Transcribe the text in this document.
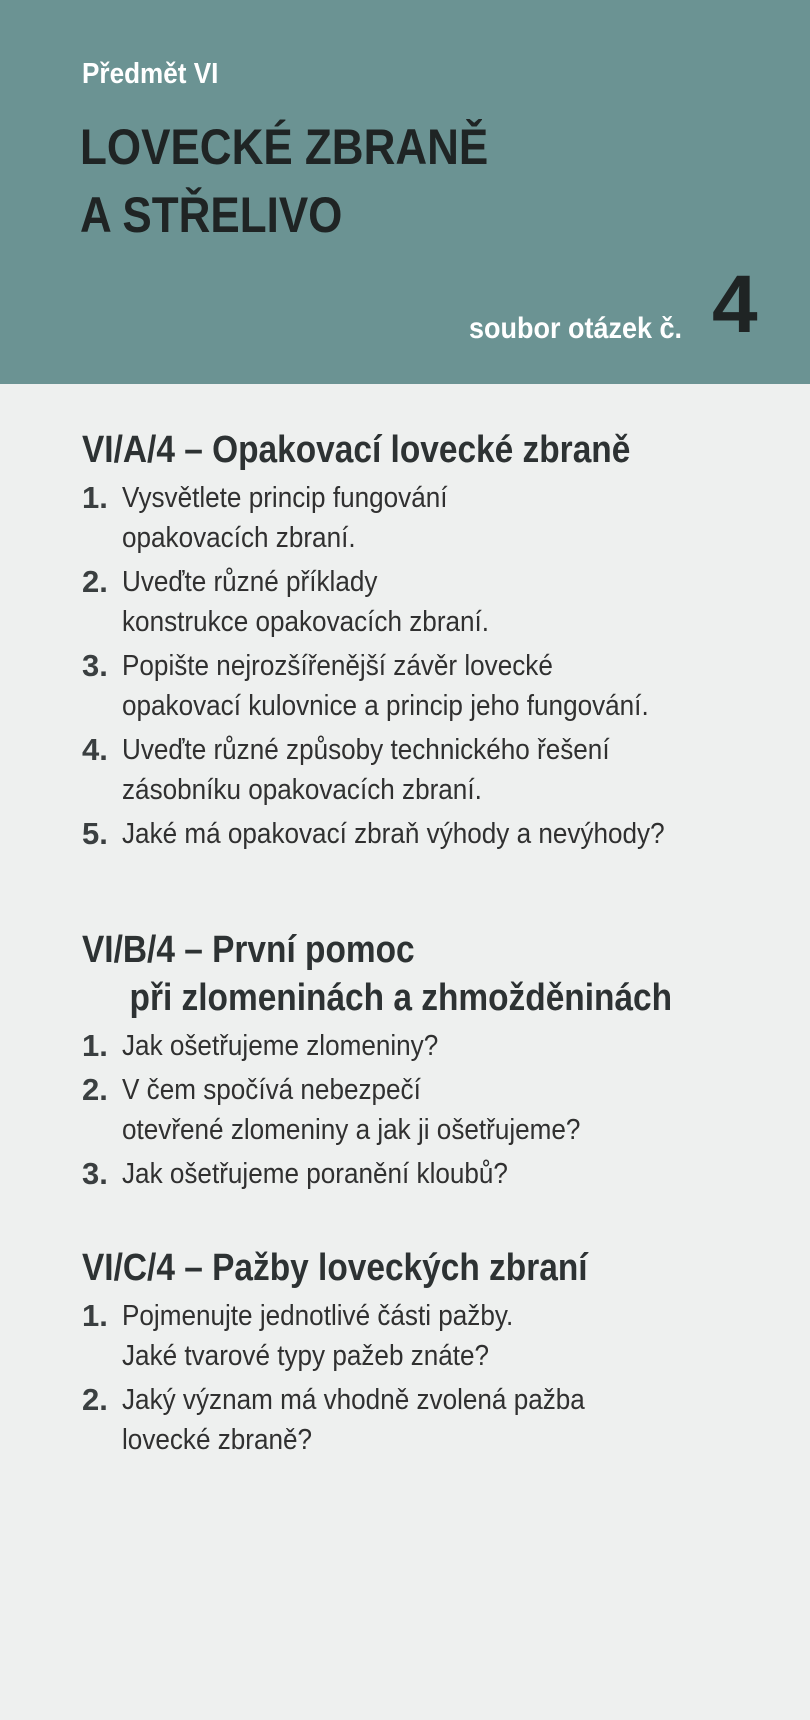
Předmět VI
LOVECKÉ ZBRANĚ
A STŘELIVO
soubor otázek č. 4
VI/A/4 – Opakovací lovecké zbraně
1. Vysvětlete princip fungování
opakovacích zbraní.
2. Uveďte různé příklady
konstrukce opakovacích zbraní.
3. Popište nejrozšířenější závěr lovecké
opakovací kulovnice a princip jeho fungování.
4. Uveďte různé způsoby technického řešení
zásobníku opakovacích zbraní.
5. Jaké má opakovací zbraň výhody a nevýhody?
VI/B/4 – První pomoc
při zlomeninách a zhmožděninách
1. Jak ošetřujeme zlomeniny?
2. V čem spočívá nebezpečí
otevřené zlomeniny a jak ji ošetřujeme?
3. Jak ošetřujeme poranění kloubů?
VI/C/4 – Pažby loveckých zbraní
1. Pojmenujte jednotlivé části pažby.
Jaké tvarové typy pažeb znáte?
2. Jaký význam má vhodně zvolená pažba
lovecké zbraně?
